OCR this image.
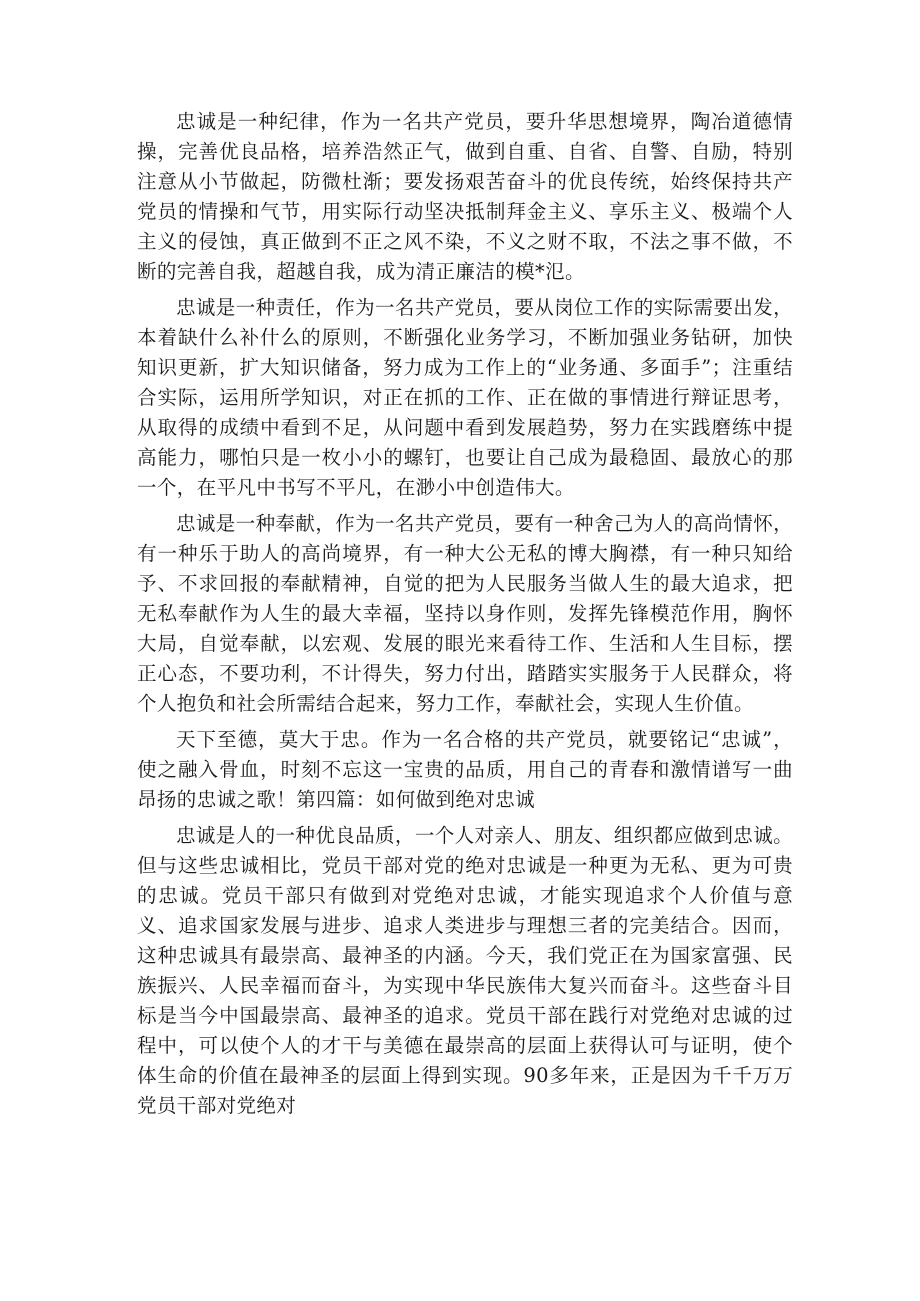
忠诚是一种纪律，作为一名共产党员，要升华思想境界，陶冶道德情操，完善优良品格，培养浩然正气，做到自重、自省、自警、自励，特别注意从小节做起，防微杜渐；要发扬艰苦奋斗的优良传统，始终保持共产党员的情操和气节，用实际行动坚决抵制拜金主义、享乐主义、极端个人主义的侵蚀，真正做到不正之风不染，不义之财不取，不法之事不做，不断的完善自我，超越自我，成为清正廉洁的模*氾。

忠诚是一种责任，作为一名共产党员，要从岗位工作的实际需要出发，本着缺什么补什么的原则，不断强化业务学习，不断加强业务钻研，加快知识更新，扩大知识储备，努力成为工作上的“业务通、多面手”；注重结合实际，运用所学知识，对正在抓的工作、正在做的事情进行辩证思考，从取得的成绩中看到不足，从问题中看到发展趋势，努力在实践磨练中提高能力，哪怕只是一枚小小的螺钉，也要让自己成为最稳固、最放心的那一个，在平凡中书写不平凡，在渺小中创造伟大。

忠诚是一种奉献，作为一名共产党员，要有一种舍己为人的高尚情怀，有一种乐于助人的高尚境界，有一种大公无私的博大胸襟，有一种只知给予、不求回报的奉献精神，自觉的把为人民服务当做人生的最大追求，把无私奉献作为人生的最大幸福，坚持以身作则，发挥先锋模范作用，胸怀大局，自觉奉献，以宏观、发展的眼光来看待工作、生活和人生目标，摆正心态，不要功利，不计得失，努力付出，踏踏实实服务于人民群众，将个人抱负和社会所需结合起来，努力工作，奉献社会，实现人生价值。

天下至德，莫大于忠。作为一名合格的共产党员，就要铭记“忠诚”，使之融入骨血，时刻不忘这一宝贵的品质，用自己的青春和激情谱写一曲昂扬的忠诚之歌！第四篇：如何做到绝对忠诚

忠诚是人的一种优良品质，一个人对亲人、朋友、组织都应做到忠诚。但与这些忠诚相比，党员干部对党的绝对忠诚是一种更为无私、更为可贵的忠诚。党员干部只有做到对党绝对忠诚，才能实现追求个人价值与意义、追求国家发展与进步、追求人类进步与理想三者的完美结合。因而，这种忠诚具有最崇高、最神圣的内涵。今天，我们党正在为国家富强、民族振兴、人民幸福而奋斗，为实现中华民族伟大复兴而奋斗。这些奋斗目标是当今中国最崇高、最神圣的追求。党员干部在践行对党绝对忠诚的过程中，可以使个人的才干与美德在最崇高的层面上获得认可与证明，使个体生命的价值在最神圣的层面上得到实现。90多年来，正是因为千千万万党员干部对党绝对
